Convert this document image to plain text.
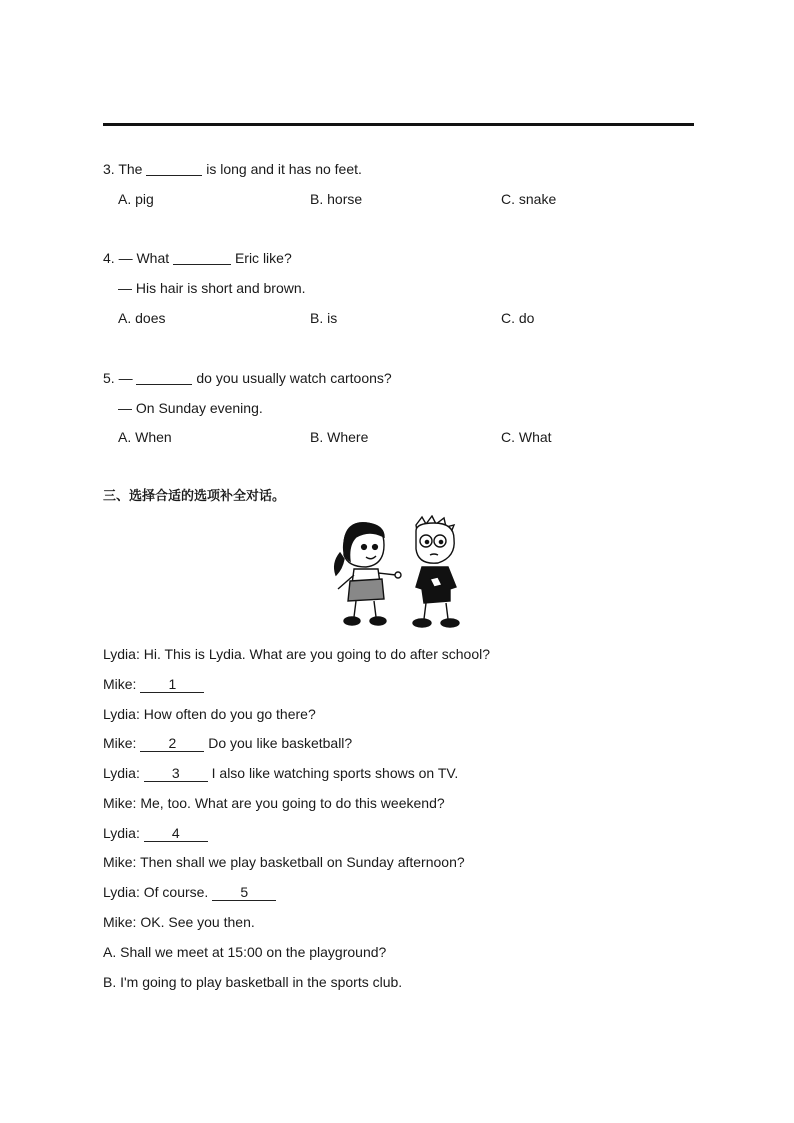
3. The	is long and it has no feet.
A. pig	B. horse	C. snake
4. — What	Eric like?
— His hair is short and brown.
A. does	B. is	C. do
5. —	do you usually watch cartoons?
— On Sunday evening.
A. When	B. Where	C. What
三、选择合适的选项补全对话。
Lydia: Hi. This is Lydia. What are you going to do after school?
Mike: 1
Lydia: How often do you go there?
Mike: 2 Do you like basketball?
Lydia: 3 I also like watching sports shows on TV.
Mike: Me, too. What are you going to do this weekend?
Lydia: 4
Mike: Then shall we play basketball on Sunday afternoon?
Lydia: Of course. 5
Mike: OK. See you then.
A. Shall we meet at 15:00 on the playground?
B. I'm going to play basketball in the sports club.
